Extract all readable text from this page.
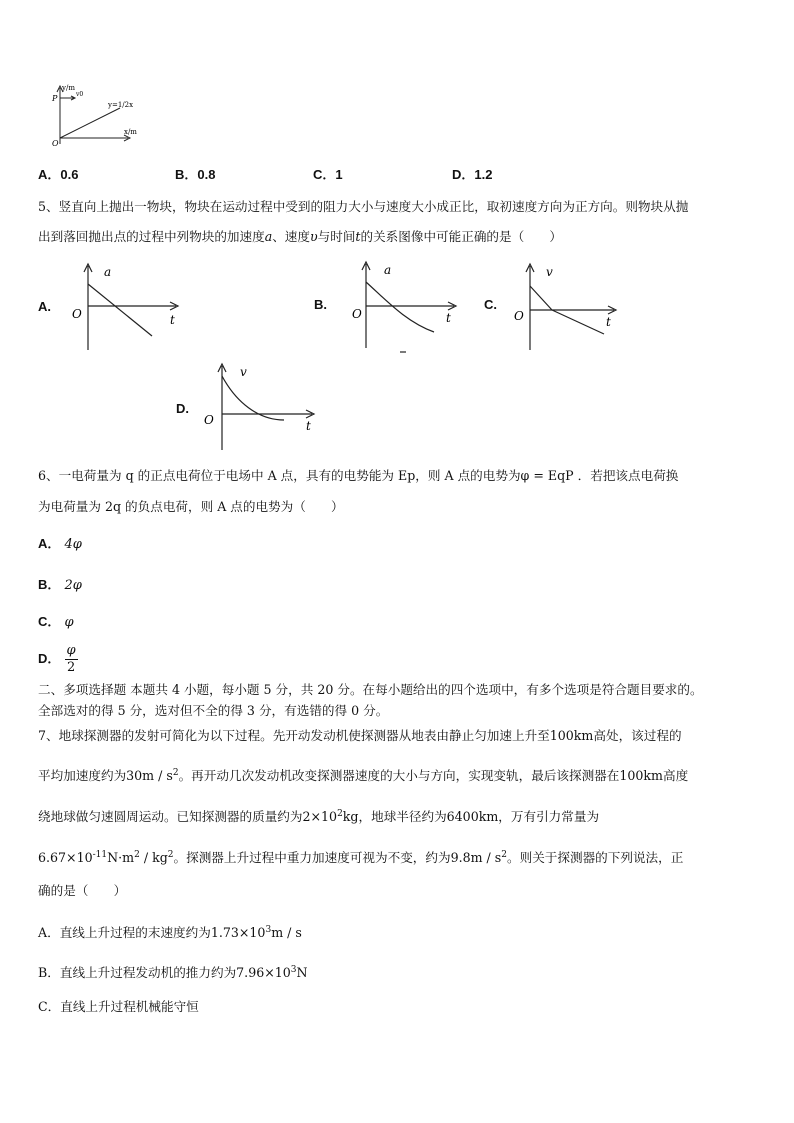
y/m
x/m
O
P	v0
y=1/2x
A．0.6	B．0.8	C．1	D．1.2
5、竖直向上抛出一物块，物块在运动过程中受到的阻力大小与速度大小成正比，取初速度方向为正方向。则物块从抛
出到落回抛出点的过程中列物块的加速度a、速度υ与时间t的关系图像中可能正确的是（　　）
A.
a
t
O
B.
a
t
O
C.
v
t
O
D.
v
t
O
6、一电荷量为 q 的正点电荷位于电场中 A 点，具有的电势能为 Ep，则 A 点的电势为φ = EqP ．若把该点电荷换
为电荷量为 2q 的负点电荷，则 A 点的电势为（　　）
A． 4φ
B． 2φ
C． φ
D． $\frac{\varphi}{2}$
二、多项选择题 本题共 4 小题，每小题 5 分，共 20 分。在每小题给出的四个选项中，有多个选项是符合题目要求的。
全部选对的得 5 分，选对但不全的得 3 分，有选错的得 0 分。
7、地球探测器的发射可简化为以下过程。先开动发动机使探测器从地表由静止匀加速上升至100km高处，该过程的
平均加速度约为$30m / s^2$。再开动几次发动机改变探测器速度的大小与方向，实现变轨，最后该探测器在100km高度
绕地球做匀速圆周运动。已知探测器的质量约为$2\times 10^2kg$，地球半径约为6400km，万有引力常量为
$6.67\times 10^{-11}N\cdot m^2 / kg^2$。探测器上升过程中重力加速度可视为不变，约为$9.8m / s^2$。则关于探测器的下列说法，正
确的是（　　）
A．直线上升过程的末速度约为$1.73\times 10^3m / s$
B．直线上升过程发动机的推力约为$7.96\times 10^3N$
C．直线上升过程机械能守恒
